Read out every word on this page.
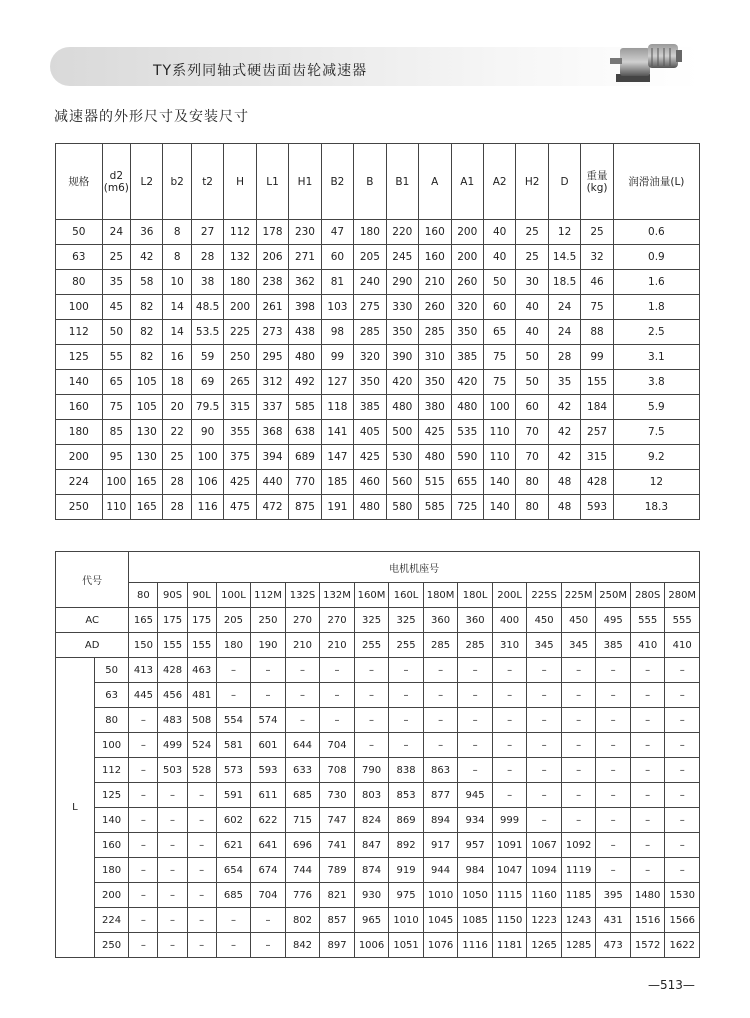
TY系列同轴式硬齿面齿轮减速器
减速器的外形尺寸及安装尺寸
规格	d2
(m6)	L2	b2	t2	H	L1	H1	B2	B	B1	A	A1	A2	H2	D	重量
(kg)	润滑油量(L)
50	24	36	8	27	112	178	230	47	180	220	160	200	40	25	12	25	0.6
63	25	42	8	28	132	206	271	60	205	245	160	200	40	25	14.5	32	0.9
80	35	58	10	38	180	238	362	81	240	290	210	260	50	30	18.5	46	1.6
100	45	82	14	48.5	200	261	398	103	275	330	260	320	60	40	24	75	1.8
112	50	82	14	53.5	225	273	438	98	285	350	285	350	65	40	24	88	2.5
125	55	82	16	59	250	295	480	99	320	390	310	385	75	50	28	99	3.1
140	65	105	18	69	265	312	492	127	350	420	350	420	75	50	35	155	3.8
160	75	105	20	79.5	315	337	585	118	385	480	380	480	100	60	42	184	5.9
180	85	130	22	90	355	368	638	141	405	500	425	535	110	70	42	257	7.5
200	95	130	25	100	375	394	689	147	425	530	480	590	110	70	42	315	9.2
224	100	165	28	106	425	440	770	185	460	560	515	655	140	80	48	428	12
250	110	165	28	116	475	472	875	191	480	580	585	725	140	80	48	593	18.3
代号		电机机座号																
		80	90S	90L	100L	112M	132S	132M	160M	160L	180M	180L	200L	225S	225M	250M	280S	280M
AC		165	175	175	205	250	270	270	325	325	360	360	400	450	450	495	555	555
AD		150	155	155	180	190	210	210	255	255	285	285	310	345	345	385	410	410
L	50	413	428	463	–	–	–	–	–	–	–	–	–	–	–	–	–	–
	63	445	456	481	–	–	–	–	–	–	–	–	–	–	–	–	–	–
	80	–	483	508	554	574	–	–	–	–	–	–	–	–	–	–	–	–
	100	–	499	524	581	601	644	704	–	–	–	–	–	–	–	–	–	–
	112	–	503	528	573	593	633	708	790	838	863	–	–	–	–	–	–	–
	125	–	–	–	591	611	685	730	803	853	877	945	–	–	–	–	–	–
	140	–	–	–	602	622	715	747	824	869	894	934	999	–	–	–	–	–
	160	–	–	–	621	641	696	741	847	892	917	957	1091	1067	1092	–	–	–
	180	–	–	–	654	674	744	789	874	919	944	984	1047	1094	1119	–	–	–
	200	–	–	–	685	704	776	821	930	975	1010	1050	1115	1160	1185	395	1480	1530
	224	–	–	–	–	–	802	857	965	1010	1045	1085	1150	1223	1243	431	1516	1566
	250	–	–	–	–	–	842	897	1006	1051	1076	1116	1181	1265	1285	473	1572	1622
—513—
